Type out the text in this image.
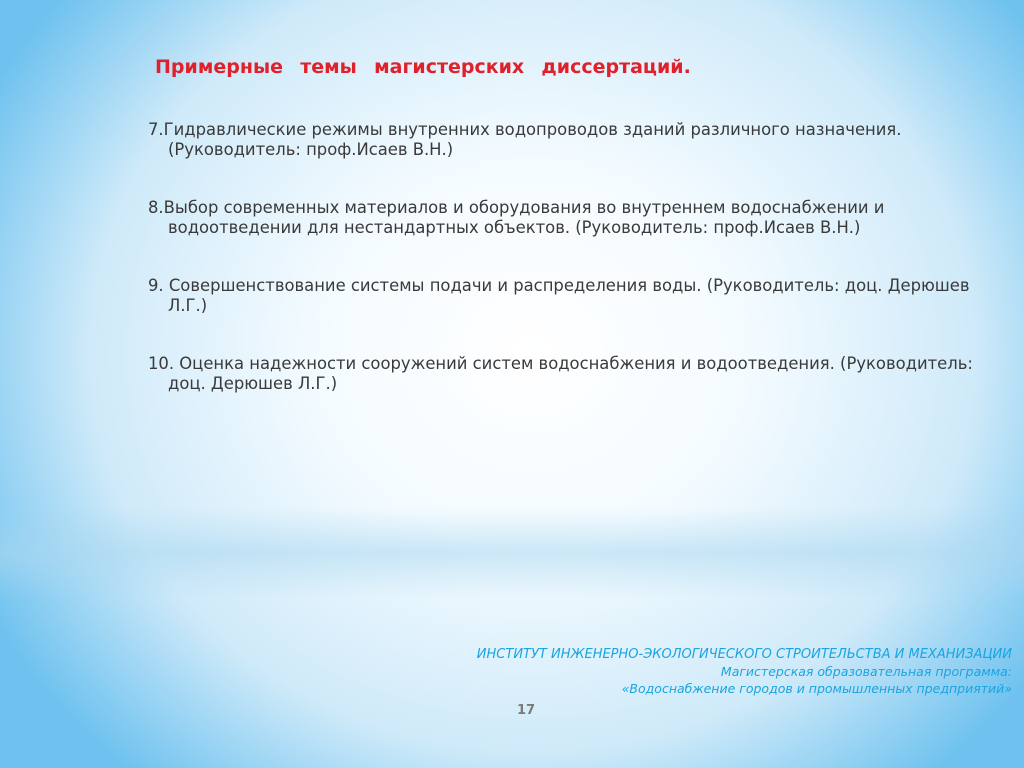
Примерные  темы  магистерских  диссертаций.
7.Гидравлические режимы внутренних водопроводов зданий различного назначения. (Руководитель: проф.Исаев В.Н.)
8.Выбор современных материалов и оборудования во внутреннем водоснабжении и водоотведении для нестандартных объектов. (Руководитель: проф.Исаев В.Н.)
9. Совершенствование системы подачи и распределения воды. (Руководитель: доц. Дерюшев Л.Г.)
10. Оценка надежности сооружений систем водоснабжения и водоотведения. (Руководитель: доц. Дерюшев Л.Г.)
ИНСТИТУТ ИНЖЕНЕРНО-ЭКОЛОГИЧЕСКОГО СТРОИТЕЛЬСТВА И МЕХАНИЗАЦИИ
Магистерская образовательная программа:
«Водоснабжение городов и промышленных предприятий»
17
